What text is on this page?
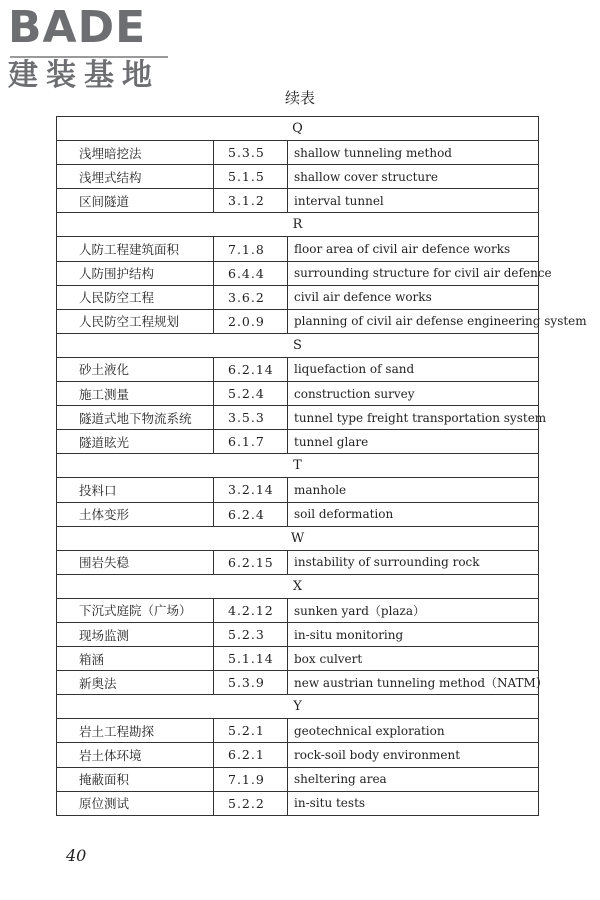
BADE
建装基地
续表
Q		
浅埋暗挖法	5.3.5	shallow tunneling method
浅埋式结构	5.1.5	shallow cover structure
区间隧道	3.1.2	interval tunnel
R		
人防工程建筑面积	7.1.8	floor area of civil air defence works
人防围护结构	6.4.4	surrounding structure for civil air defence
人民防空工程	3.6.2	civil air defence works
人民防空工程规划	2.0.9	planning of civil air defense engineering system
S		
砂土液化	6.2.14	liquefaction of sand
施工测量	5.2.4	construction survey
隧道式地下物流系统	3.5.3	tunnel type freight transportation system
隧道眩光	6.1.7	tunnel glare
T		
投料口	3.2.14	manhole
土体变形	6.2.4	soil deformation
W		
围岩失稳	6.2.15	instability of surrounding rock
X		
下沉式庭院（广场）	4.2.12	sunken yard（plaza）
现场监测	5.2.3	in-situ monitoring
箱涵	5.1.14	box culvert
新奥法	5.3.9	new austrian tunneling method（NATM）
Y		
岩土工程勘探	5.2.1	geotechnical exploration
岩土体环境	6.2.1	rock-soil body environment
掩蔽面积	7.1.9	sheltering area
原位测试	5.2.2	in-situ tests
40
